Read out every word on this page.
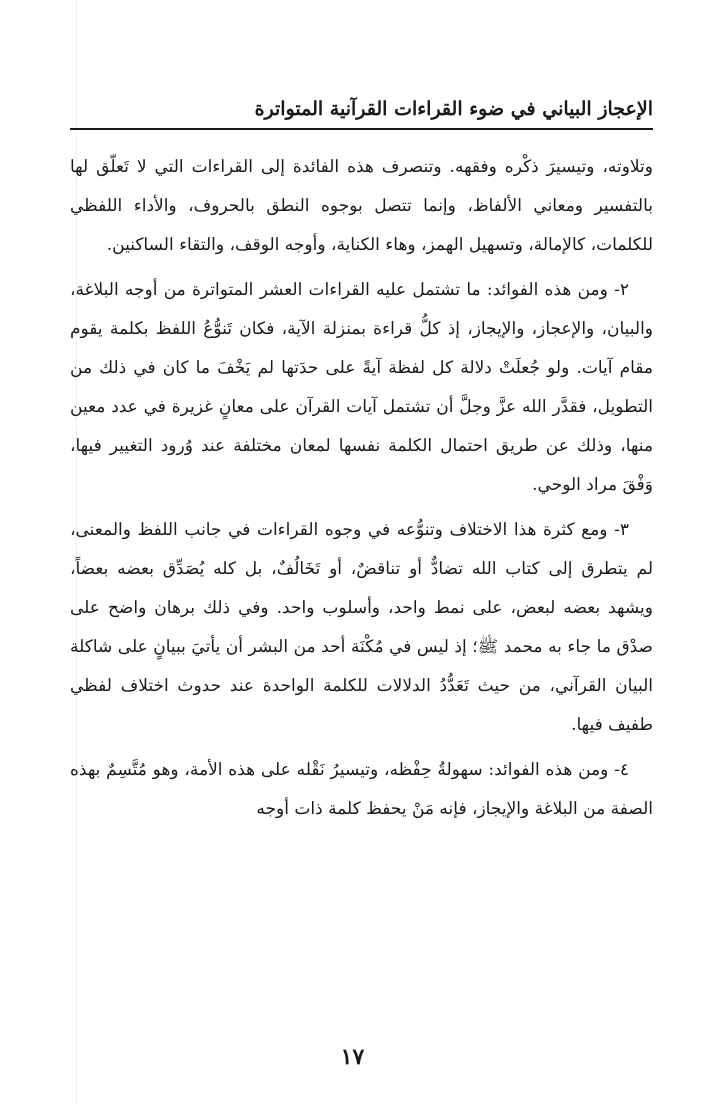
الإعجاز البياني في ضوء القراءات القرآنية المتواترة

وتلاوته، وتيسيرَ ذكْره وفقهه. وتنصرف هذه الفائدة إلى القراءات التي لا تَعلّق لها بالتفسير ومعاني الألفاظ، وإنما تتصل بوجوه النطق بالحروف، والأداء اللفظي للكلمات، كالإمالة، وتسهيل الهمز، وهاء الكناية، وأوجه الوقف، والتقاء الساكنين.

٢- ومن هذه الفوائد: ما تشتمل عليه القراءات العشر المتواترة من أوجه البلاغة، والبيان، والإعجاز، والإيجاز، إذ كلُّ قراءة بمنزلة الآية، فكان تَنوُّعُ اللفظ بكلمة يقوم مقام آيات. ولو جُعلَتْ دلالة كل لفظة آيةً على حدَتها لم يَخْفَ ما كان في ذلك من التطويل، فقدَّر الله عزَّ وجلَّ أن تشتمل آيات القرآن على معانٍ غزيرة في عدد معين منها، وذلك عن طريق احتمال الكلمة نفسها لمعان مختلفة عند وُرود التغيير فيها، وَفْقَ مراد الوحي.

٣- ومع كثرة هذا الاختلاف وتنوُّعه في وجوه القراءات في جانب اللفظ والمعنى، لم يتطرق إلى كتاب الله تضادٌّ أو تناقضٌ، أو تَخَالُفٌ، بل كله يُصَدِّق بعضه بعضاً، ويشهد بعضه لبعض، على نمط واحد، وأسلوب واحد. وفي ذلك برهان واضح على صدْق ما جاء به محمد ﷺ؛ إذ ليس في مُكْنَة أحد من البشر أن يأتيَ ببيانٍ على شاكلة البيان القرآني، من حيث تَعَدُّدُ الدلالات للكلمة الواحدة عند حدوث اختلاف لفظي طفيف فيها.

٤- ومن هذه الفوائد: سهولةُ حِفْظه، وتيسيرُ نَقْله على هذه الأمة، وهو مُتَّسِمٌ بهذه الصفة من البلاغة والإيجاز، فإنه مَنْ يحفظ كلمة ذات أوجه

١٧
